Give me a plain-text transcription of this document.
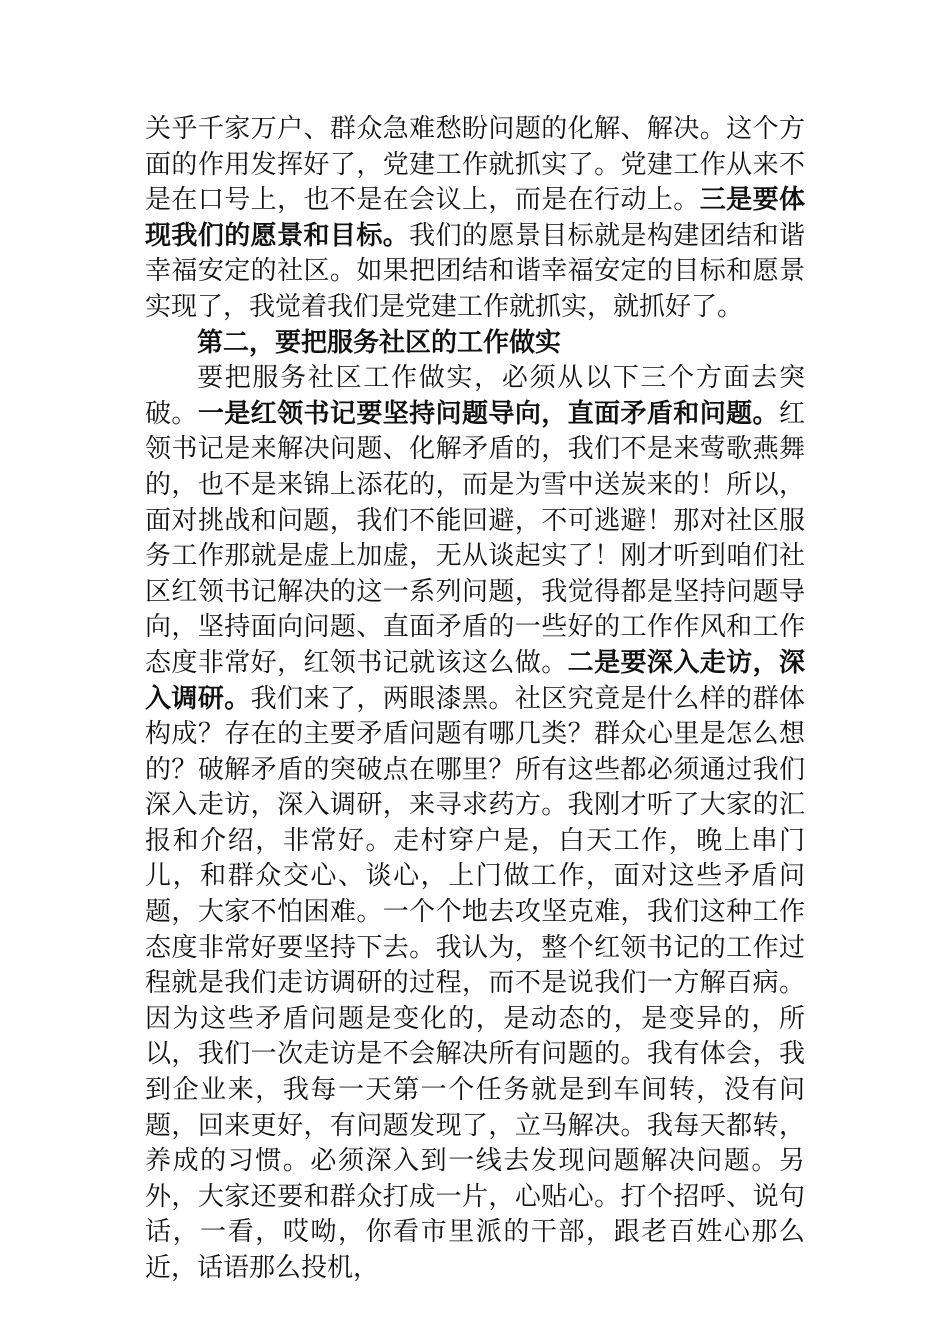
关乎千家万户、群众急难愁盼问题的化解、解决。这个方面的作用发挥好了，党建工作就抓实了。党建工作从来不是在口号上，也不是在会议上，而是在行动上。三是要体现我们的愿景和目标。我们的愿景目标就是构建团结和谐幸福安定的社区。如果把团结和谐幸福安定的目标和愿景实现了，我觉着我们是党建工作就抓实，就抓好了。

第二，要把服务社区的工作做实

要把服务社区工作做实，必须从以下三个方面去突破。一是红领书记要坚持问题导向，直面矛盾和问题。红领书记是来解决问题、化解矛盾的，我们不是来莺歌燕舞的，也不是来锦上添花的，而是为雪中送炭来的！所以，面对挑战和问题，我们不能回避，不可逃避！那对社区服务工作那就是虚上加虚，无从谈起实了！刚才听到咱们社区红领书记解决的这一系列问题，我觉得都是坚持问题导向，坚持面向问题、直面矛盾的一些好的工作作风和工作态度非常好，红领书记就该这么做。二是要深入走访，深入调研。我们来了，两眼漆黑。社区究竟是什么样的群体构成？存在的主要矛盾问题有哪几类？群众心里是怎么想的？破解矛盾的突破点在哪里？所有这些都必须通过我们深入走访，深入调研，来寻求药方。我刚才听了大家的汇报和介绍，非常好。走村穿户是，白天工作，晚上串门儿，和群众交心、谈心，上门做工作，面对这些矛盾问题，大家不怕困难。一个个地去攻坚克难，我们这种工作态度非常好要坚持下去。我认为，整个红领书记的工作过程就是我们走访调研的过程，而不是说我们一方解百病。因为这些矛盾问题是变化的，是动态的，是变异的，所以，我们一次走访是不会解决所有问题的。我有体会，我到企业来，我每一天第一个任务就是到车间转，没有问题，回来更好，有问题发现了，立马解决。我每天都转，养成的习惯。必须深入到一线去发现问题解决问题。另外，大家还要和群众打成一片，心贴心。打个招呼、说句话，一看，哎呦，你看市里派的干部，跟老百姓心那么近，话语那么投机，
